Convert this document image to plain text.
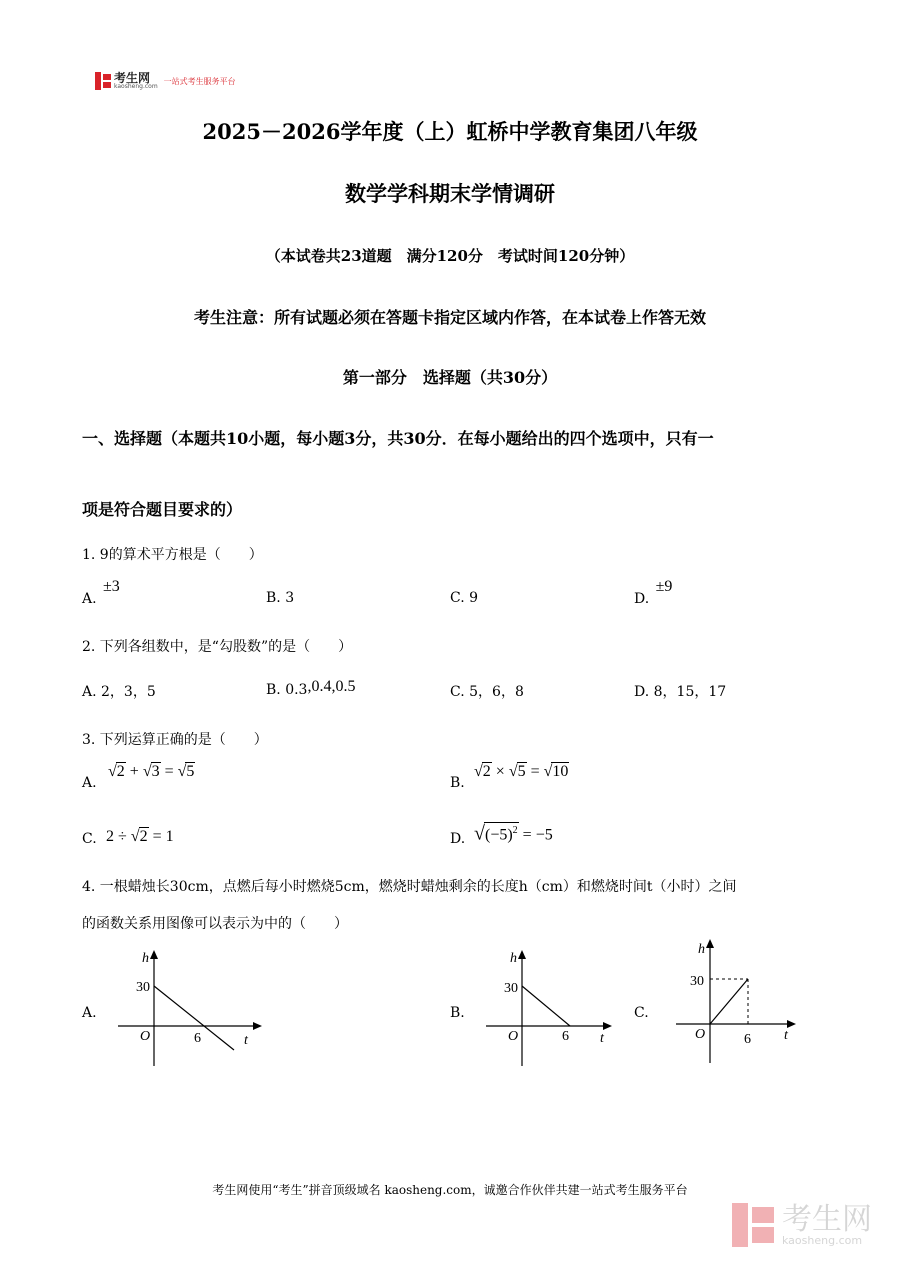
考生网
kaosheng.com
一站式考生服务平台
2025－2026学年度（上）虹桥中学教育集团八年级
数学学科期末学情调研
（本试卷共23道题　满分120分　考试时间120分钟）
考生注意：所有试题必须在答题卡指定区域内作答，在本试卷上作答无效
第一部分　选择题（共30分）
一、选择题（本题共10小题，每小题3分，共30分．在每小题给出的四个选项中，只有一
项是符合题目要求的）
1. 9的算术平方根是（　　）
A. ±3
B. 3	C. 9	D. ±9
2. 下列各组数中，是“勾股数”的是（　　）
A. 2，3，5	B. 0.3,0.4,0.5	C. 5，6，8	D. 8，15，17
3. 下列运算正确的是（　　）
A.
√2 + √3 = √5
B.
√2 × √5 = √10
C. 2 ÷ √2 = 1	D. $√(-5)^2 = -5$
4. 一根蜡烛长30cm，点燃后每小时燃烧5cm，燃烧时蜡烛剩余的长度h（cm）和燃烧时间t（小时）之间
的函数关系用图像可以表示为中的（　　）
A.
h
30
O	6	t
B.
h
30
O	6 t
C.
h
30
O	6 t
考生网使用“考生”拼音顶级域名 kaosheng.com，诚邀合作伙伴共建一站式考生服务平台
考生网
kaosheng.com
